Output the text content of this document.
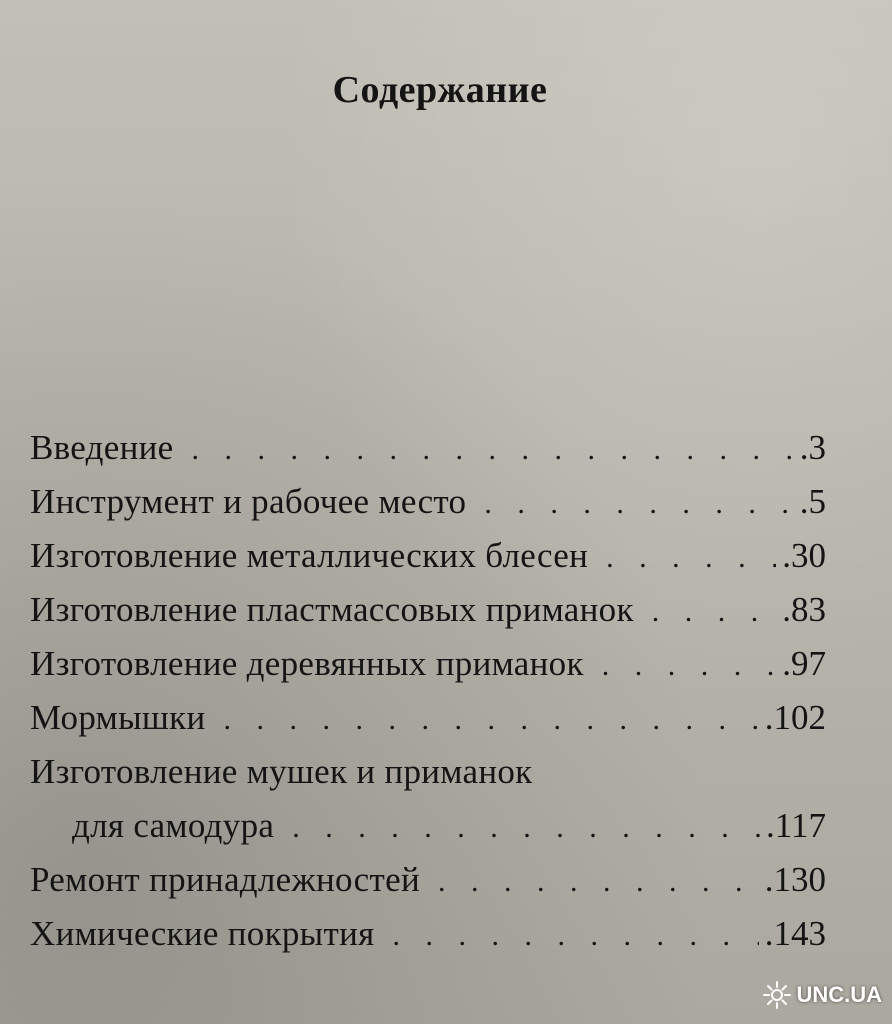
Содержание
Введение . . .	.3
Инструмент и рабочее место . . .	.5
Изготовление металлических блесен . . .	.30
Изготовление пластмассовых приманок . . .	.83
Изготовление деревянных приманок . . .	.97
Мормышки . . .	.102
Изготовление мушек и приманок
для самодура . . .	.117
Ремонт принадлежностей . . .	.130
Химические покрытия . . .	.143
UNC.UA
